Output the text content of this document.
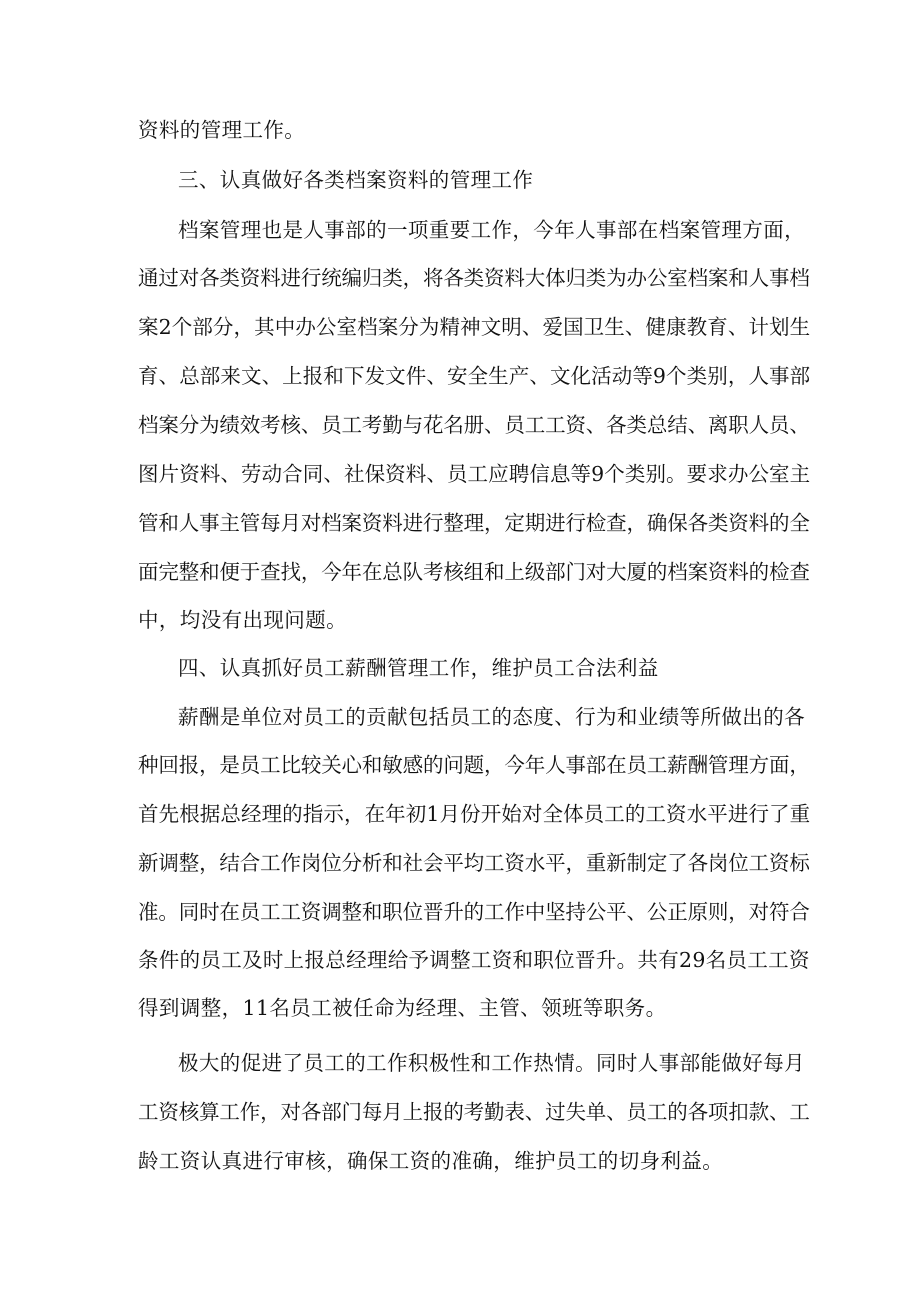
资料的管理工作。
三、认真做好各类档案资料的管理工作
档案管理也是人事部的一项重要工作，今年人事部在档案管理方面，
通过对各类资料进行统编归类，将各类资料大体归类为办公室档案和人事档
案2个部分，其中办公室档案分为精神文明、爱国卫生、健康教育、计划生
育、总部来文、上报和下发文件、安全生产、文化活动等9个类别，人事部
档案分为绩效考核、员工考勤与花名册、员工工资、各类总结、离职人员、
图片资料、劳动合同、社保资料、员工应聘信息等9个类别。要求办公室主
管和人事主管每月对档案资料进行整理，定期进行检查，确保各类资料的全
面完整和便于查找，今年在总队考核组和上级部门对大厦的档案资料的检查
中，均没有出现问题。
四、认真抓好员工薪酬管理工作，维护员工合法利益
薪酬是单位对员工的贡献包括员工的态度、行为和业绩等所做出的各
种回报，是员工比较关心和敏感的问题，今年人事部在员工薪酬管理方面，
首先根据总经理的指示，在年初1月份开始对全体员工的工资水平进行了重
新调整，结合工作岗位分析和社会平均工资水平，重新制定了各岗位工资标
准。同时在员工工资调整和职位晋升的工作中坚持公平、公正原则，对符合
条件的员工及时上报总经理给予调整工资和职位晋升。共有29名员工工资
得到调整，11名员工被任命为经理、主管、领班等职务。
极大的促进了员工的工作积极性和工作热情。同时人事部能做好每月
工资核算工作，对各部门每月上报的考勤表、过失单、员工的各项扣款、工
龄工资认真进行审核，确保工资的准确，维护员工的切身利益。
